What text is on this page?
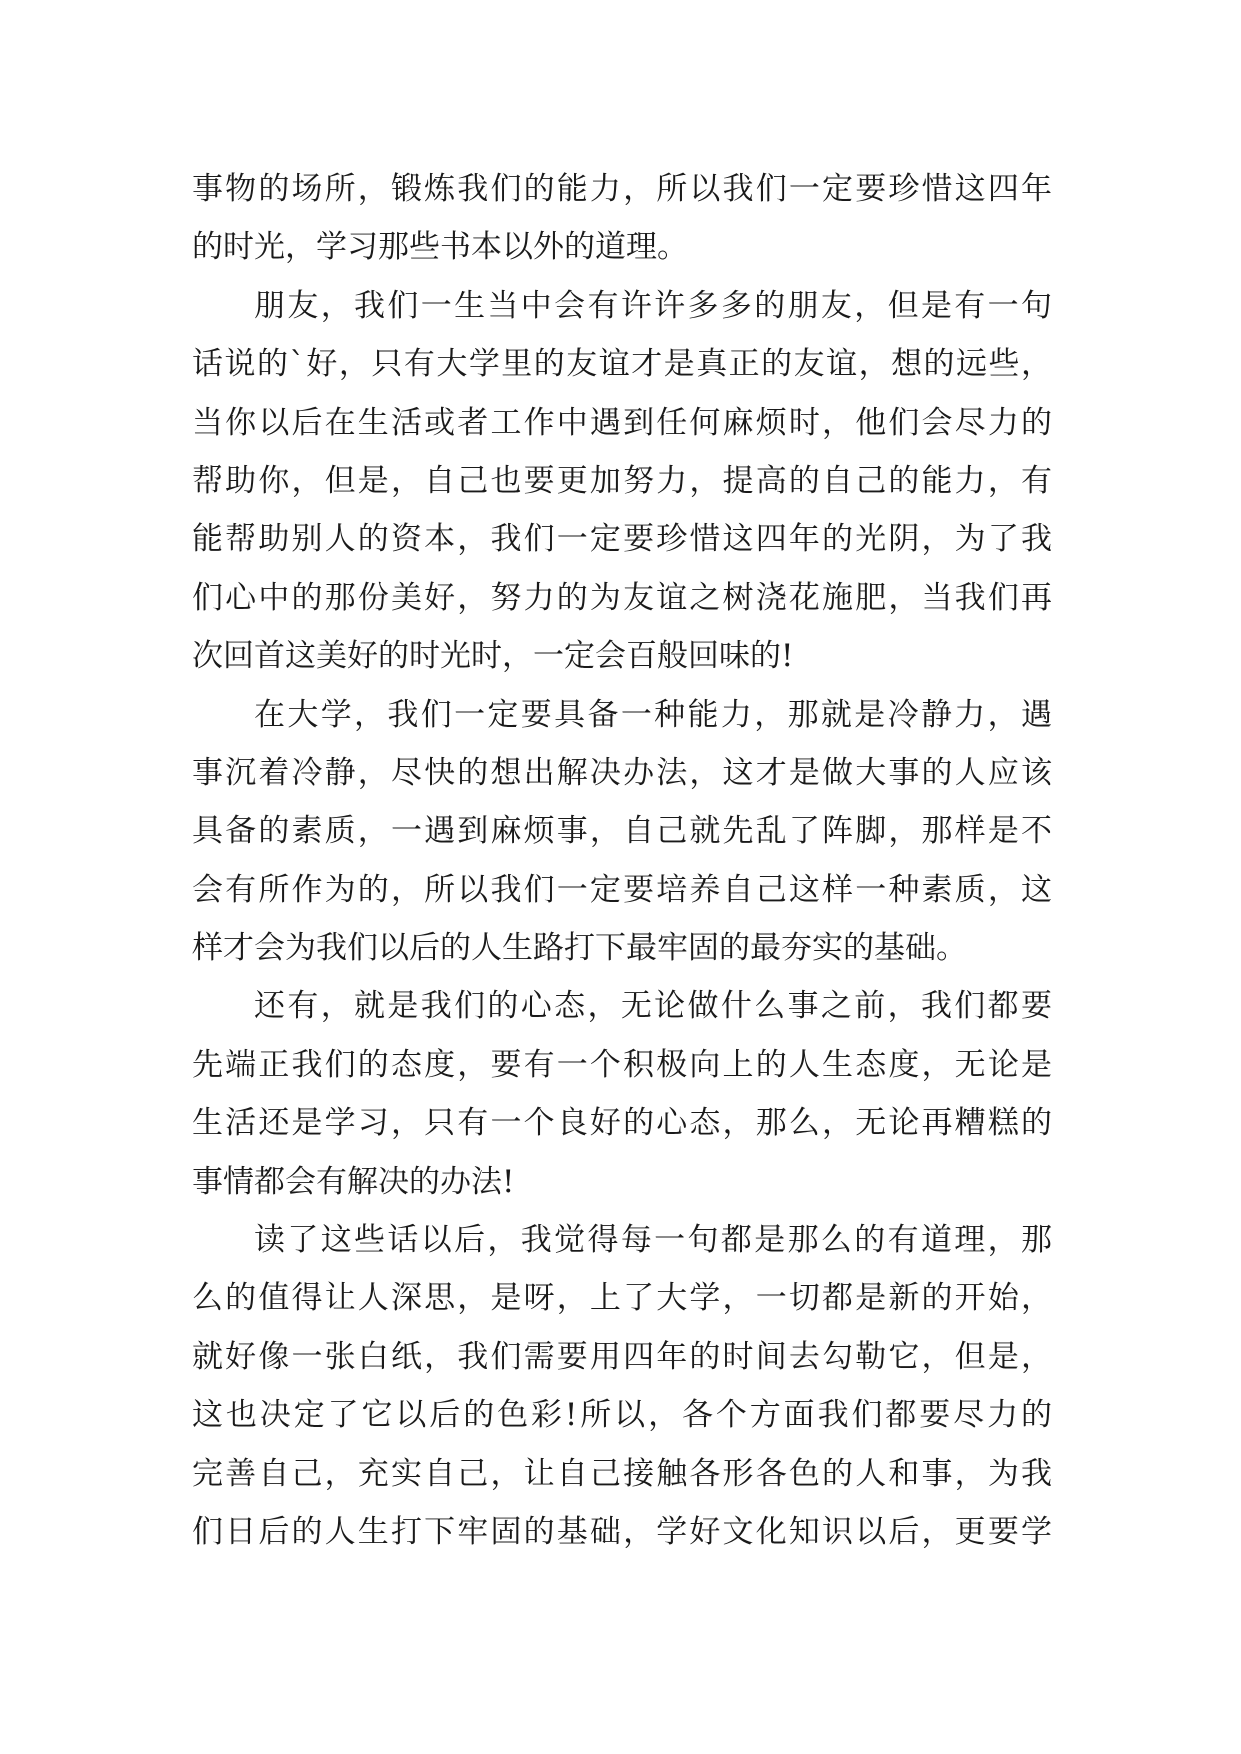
事物的场所，锻炼我们的能力，所以我们一定要珍惜这四年
的时光，学习那些书本以外的道理。
朋友，我们一生当中会有许许多多的朋友，但是有一句
话说的`好，只有大学里的友谊才是真正的友谊，想的远些，
当你以后在生活或者工作中遇到任何麻烦时，他们会尽力的
帮助你，但是，自己也要更加努力，提高的自己的能力，有
能帮助别人的资本，我们一定要珍惜这四年的光阴，为了我
们心中的那份美好，努力的为友谊之树浇花施肥，当我们再
次回首这美好的时光时，一定会百般回味的!
在大学，我们一定要具备一种能力，那就是冷静力，遇
事沉着冷静，尽快的想出解决办法，这才是做大事的人应该
具备的素质，一遇到麻烦事，自己就先乱了阵脚，那样是不
会有所作为的，所以我们一定要培养自己这样一种素质，这
样才会为我们以后的人生路打下最牢固的最夯实的基础。
还有，就是我们的心态，无论做什么事之前，我们都要
先端正我们的态度，要有一个积极向上的人生态度，无论是
生活还是学习，只有一个良好的心态，那么，无论再糟糕的
事情都会有解决的办法!
读了这些话以后，我觉得每一句都是那么的有道理，那
么的值得让人深思，是呀，上了大学，一切都是新的开始，
就好像一张白纸，我们需要用四年的时间去勾勒它，但是，
这也决定了它以后的色彩!所以，各个方面我们都要尽力的
完善自己，充实自己，让自己接触各形各色的人和事，为我
们日后的人生打下牢固的基础，学好文化知识以后，更要学
